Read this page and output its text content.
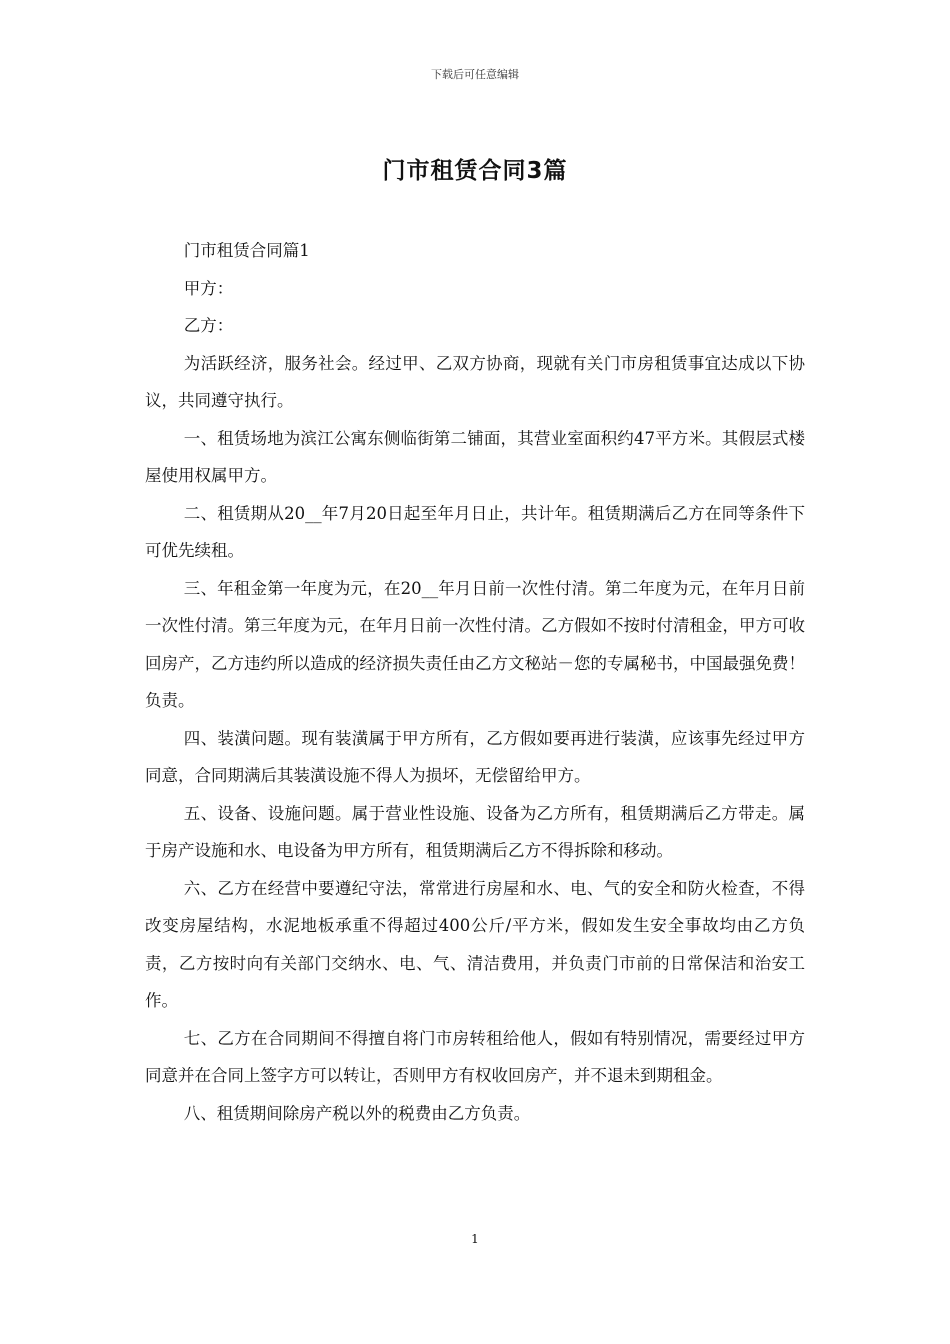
下载后可任意编辑
门市租赁合同3篇

门市租赁合同篇1

甲方：

乙方：

为活跃经济，服务社会。经过甲、乙双方协商，现就有关门市房租赁事宜达成以下协议，共同遵守执行。

一、租赁场地为滨江公寓东侧临街第二铺面，其营业室面积约47平方米。其假层式楼屋使用权属甲方。

二、租赁期从20__年7月20日起至年月日止，共计年。租赁期满后乙方在同等条件下可优先续租。

三、年租金第一年度为元，在20__年月日前一次性付清。第二年度为元，在年月日前一次性付清。第三年度为元，在年月日前一次性付清。乙方假如不按时付清租金，甲方可收回房产，乙方违约所以造成的经济损失责任由乙方文秘站－您的专属秘书，中国最强免费！负责。

四、装潢问题。现有装潢属于甲方所有，乙方假如要再进行装潢，应该事先经过甲方同意，合同期满后其装潢设施不得人为损坏，无偿留给甲方。

五、设备、设施问题。属于营业性设施、设备为乙方所有，租赁期满后乙方带走。属于房产设施和水、电设备为甲方所有，租赁期满后乙方不得拆除和移动。

六、乙方在经营中要遵纪守法，常常进行房屋和水、电、气的安全和防火检查，不得改变房屋结构，水泥地板承重不得超过400公斤/平方米，假如发生安全事故均由乙方负责，乙方按时向有关部门交纳水、电、气、清洁费用，并负责门市前的日常保洁和治安工作。

七、乙方在合同期间不得擅自将门市房转租给他人，假如有特别情况，需要经过甲方同意并在合同上签字方可以转让，否则甲方有权收回房产，并不退未到期租金。

八、租赁期间除房产税以外的税费由乙方负责。

1
